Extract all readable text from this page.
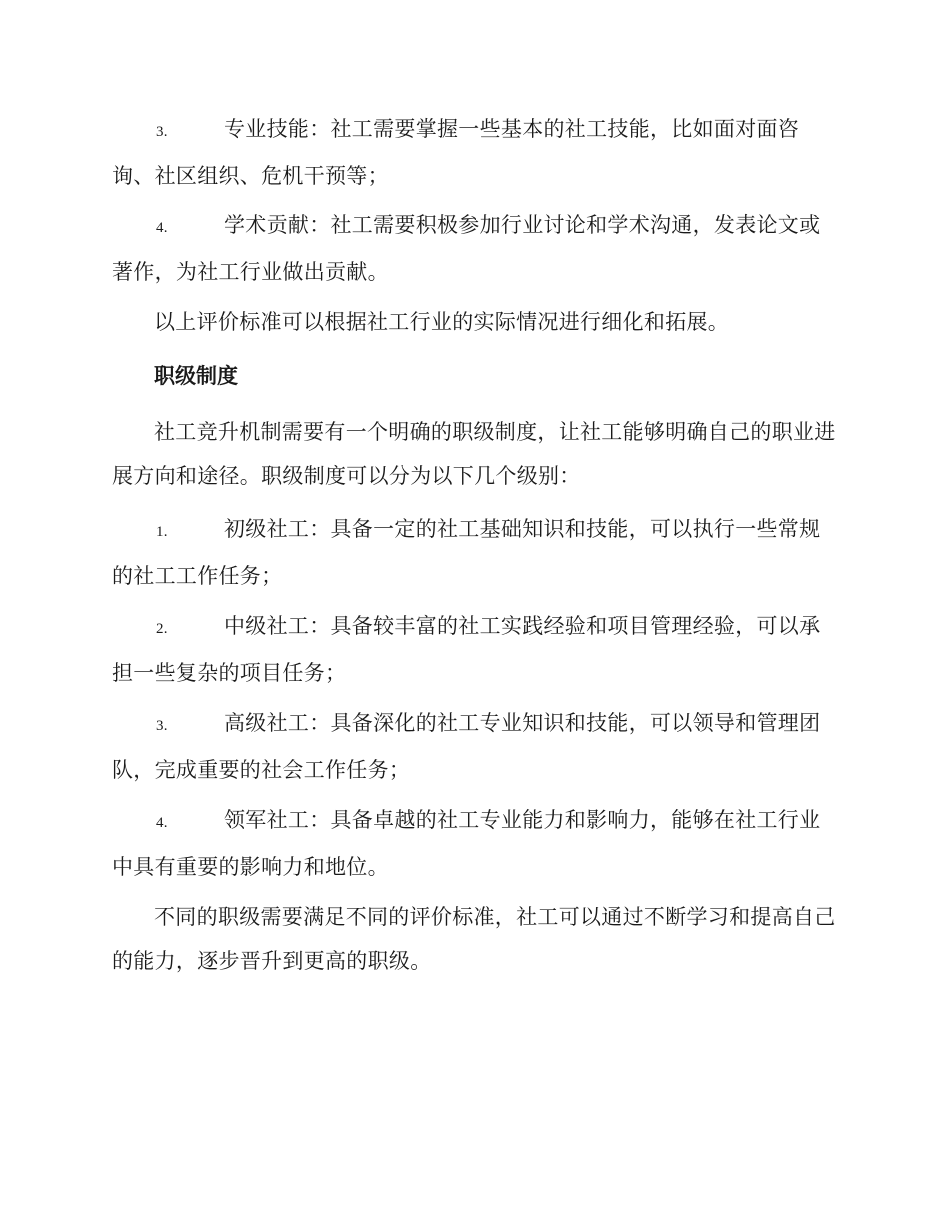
3.	专业技能：社工需要掌握一些基本的社工技能，比如面对面咨询、社区组织、危机干预等；

4.	学术贡献：社工需要积极参加行业讨论和学术沟通，发表论文或著作，为社工行业做出贡献。

以上评价标准可以根据社工行业的实际情况进行细化和拓展。

职级制度

社工竞升机制需要有一个明确的职级制度，让社工能够明确自己的职业进展方向和途径。职级制度可以分为以下几个级别：

1.	初级社工：具备一定的社工基础知识和技能，可以执行一些常规的社工工作任务；

2.	中级社工：具备较丰富的社工实践经验和项目管理经验，可以承担一些复杂的项目任务；

3.	高级社工：具备深化的社工专业知识和技能，可以领导和管理团队，完成重要的社会工作任务；

4.	领军社工：具备卓越的社工专业能力和影响力，能够在社工行业中具有重要的影响力和地位。

不同的职级需要满足不同的评价标准，社工可以通过不断学习和提高自己的能力，逐步晋升到更高的职级。
